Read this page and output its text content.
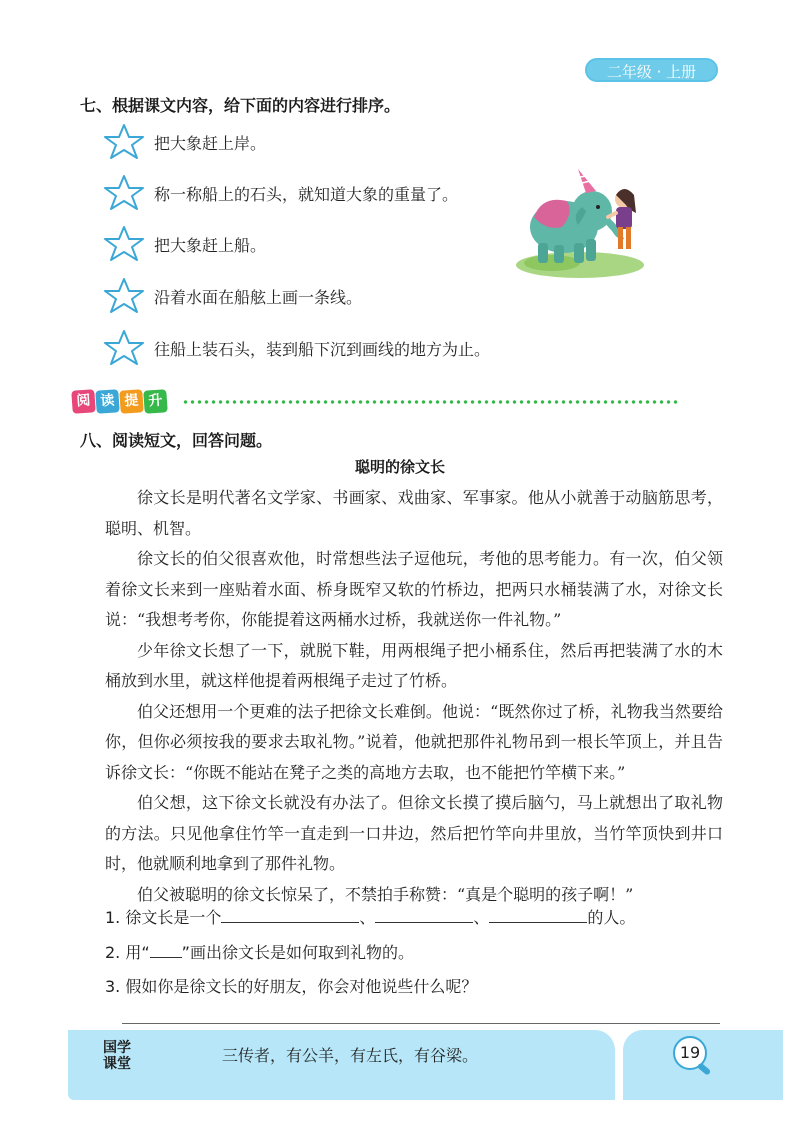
二年级 · 上册
七、根据课文内容，给下面的内容进行排序。
把大象赶上岸。
称一称船上的石头，就知道大象的重量了。
把大象赶上船。
沿着水面在船舷上画一条线。
往船上装石头，装到船下沉到画线的地方为止。
阅 读 提 升
八、阅读短文，回答问题。
聪明的徐文长

徐文长是明代著名文学家、书画家、戏曲家、军事家。他从小就善于动脑筋思考，聪明、机智。

徐文长的伯父很喜欢他，时常想些法子逗他玩，考他的思考能力。有一次，伯父领着徐文长来到一座贴着水面、桥身既窄又软的竹桥边，把两只水桶装满了水，对徐文长说：“我想考考你，你能提着这两桶水过桥，我就送你一件礼物。”

少年徐文长想了一下，就脱下鞋，用两根绳子把小桶系住，然后再把装满了水的木桶放到水里，就这样他提着两根绳子走过了竹桥。

伯父还想用一个更难的法子把徐文长难倒。他说：“既然你过了桥，礼物我当然要给你，但你必须按我的要求去取礼物。”说着，他就把那件礼物吊到一根长竿顶上，并且告诉徐文长：“你既不能站在凳子之类的高地方去取，也不能把竹竿横下来。”

伯父想，这下徐文长就没有办法了。但徐文长摸了摸后脑勺，马上就想出了取礼物的方法。只见他拿住竹竿一直走到一口井边，然后把竹竿向井里放，当竹竿顶快到井口时，他就顺利地拿到了那件礼物。

伯父被聪明的徐文长惊呆了，不禁拍手称赞：“真是个聪明的孩子啊！”

1. 徐文长是一个	、	、	的人。
2. 用“ ”画出徐文长是如何取到礼物的。
3. 假如你是徐文长的好朋友，你会对他说些什么呢？
国学
课堂	三传者，有公羊，有左氏，有谷梁。	19
